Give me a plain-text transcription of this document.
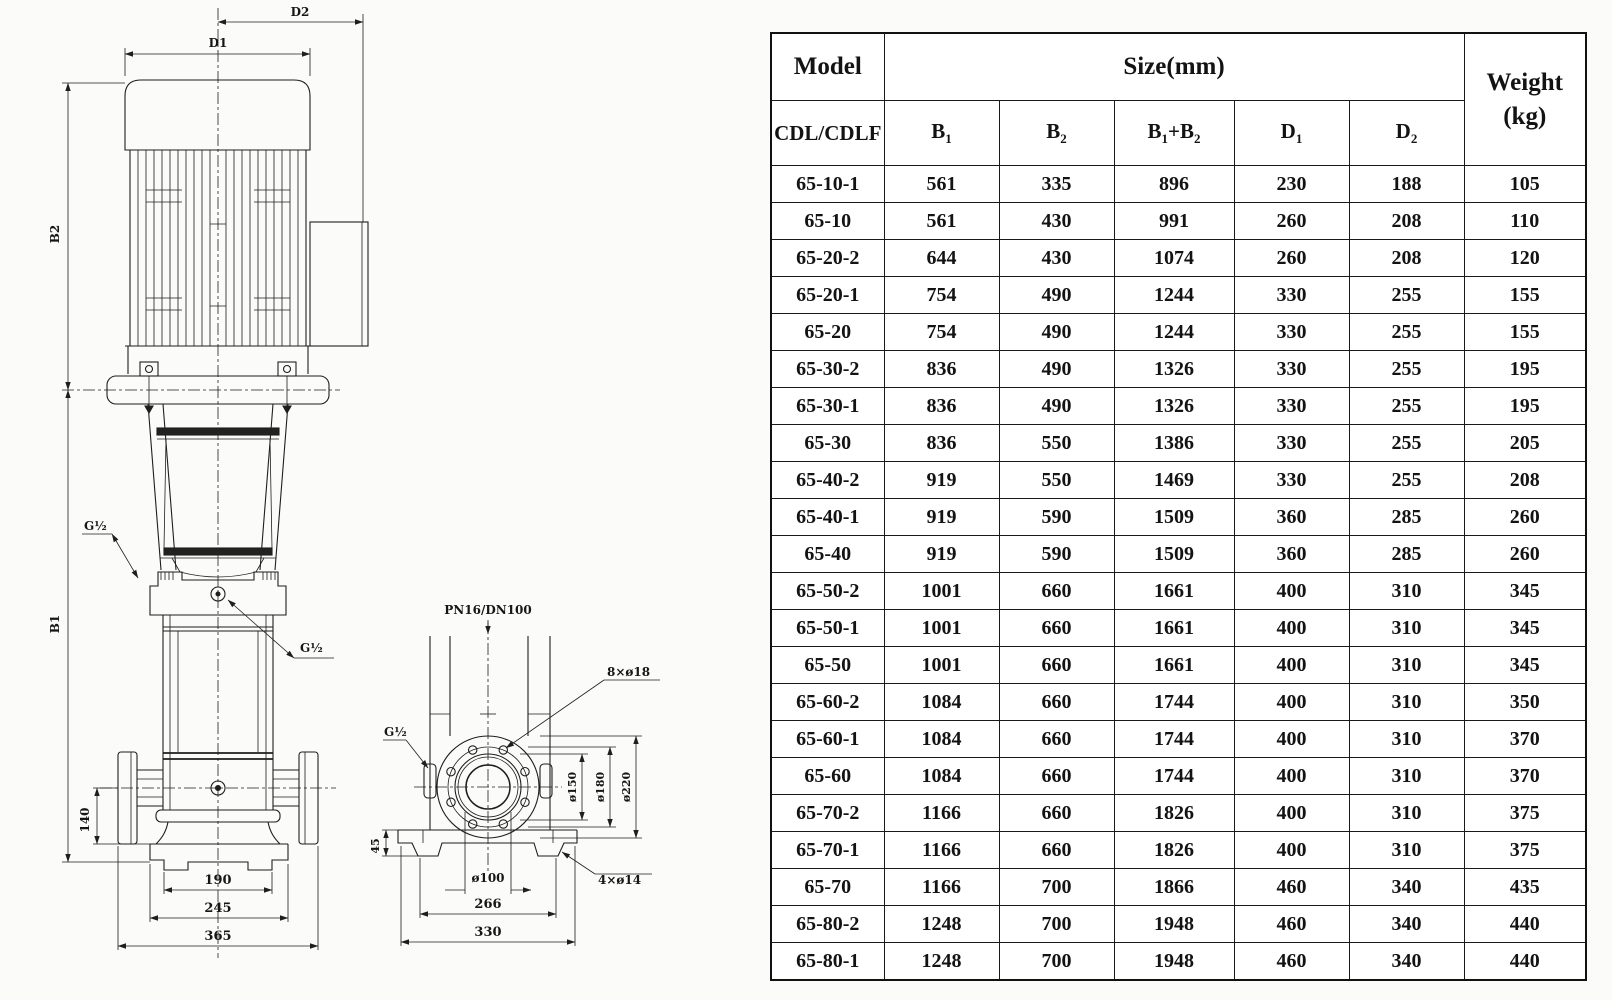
D2
D1
B2
B1
G½
G½
140
190
245
365
PN16/DN100
8×ø18
G½
ø150 ø180 ø220
45
ø100
266
330
4×ø14
Model	Size(mm)					Weight
(kg)
CDL/CDLF	$B_1$	$B_2$	$B_1+B_2$	$D_1$	$D_2$
65-10-1	561	335	896	230	188	105
65-10	561	430	991	260	208	110
65-20-2	644	430	1074	260	208	120
65-20-1	754	490	1244	330	255	155
65-20	754	490	1244	330	255	155
65-30-2	836	490	1326	330	255	195
65-30-1	836	490	1326	330	255	195
65-30	836	550	1386	330	255	205
65-40-2	919	550	1469	330	255	208
65-40-1	919	590	1509	360	285	260
65-40	919	590	1509	360	285	260
65-50-2	1001	660	1661	400	310	345
65-50-1	1001	660	1661	400	310	345
65-50	1001	660	1661	400	310	345
65-60-2	1084	660	1744	400	310	350
65-60-1	1084	660	1744	400	310	370
65-60	1084	660	1744	400	310	370
65-70-2	1166	660	1826	400	310	375
65-70-1	1166	660	1826	400	310	375
65-70	1166	700	1866	460	340	435
65-80-2	1248	700	1948	460	340	440
65-80-1	1248	700	1948	460	340	440
